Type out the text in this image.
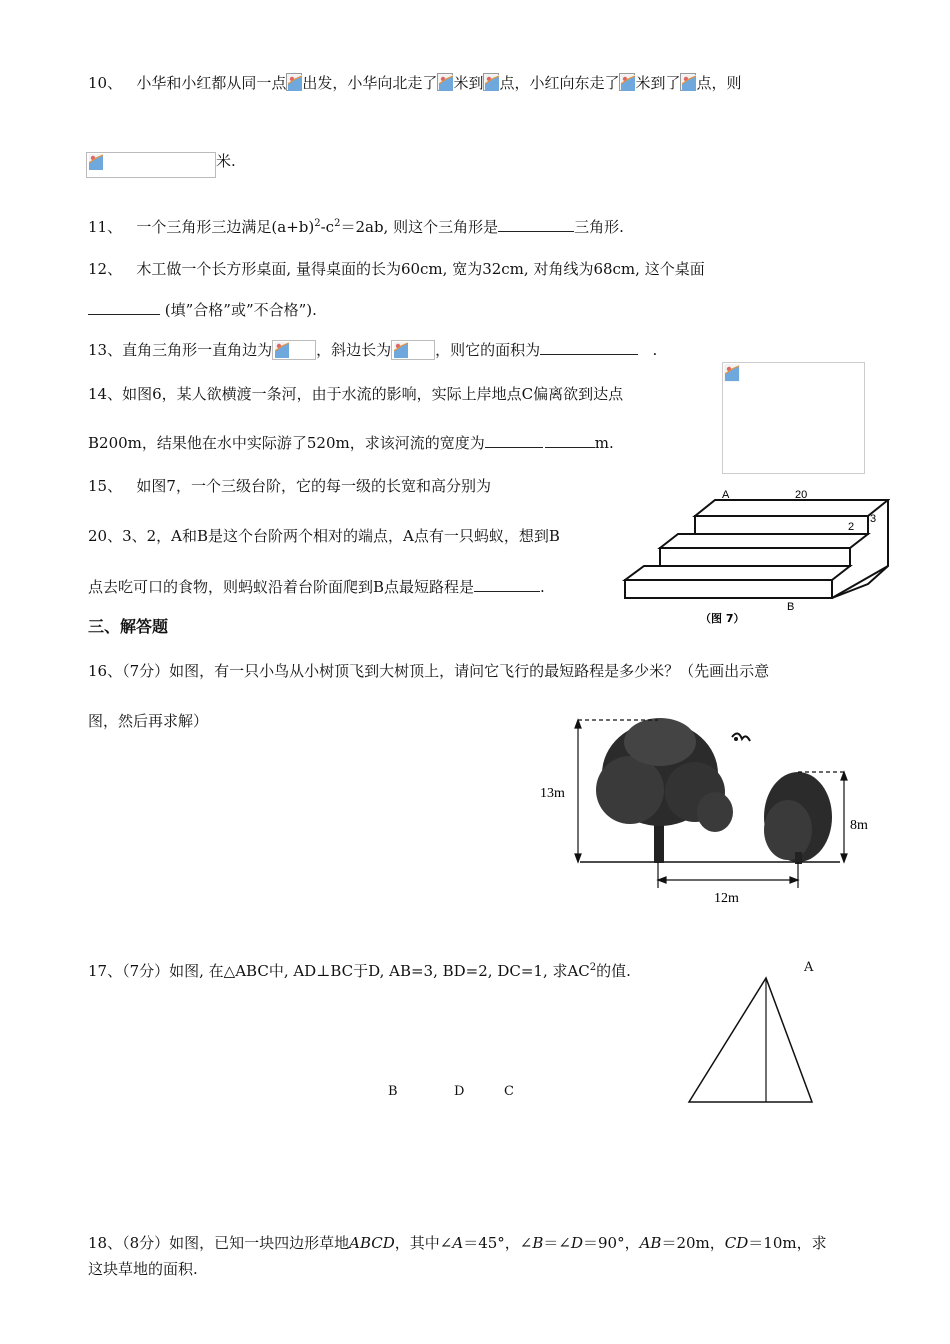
10、 小华和小红都从同一点 出发，小华向北走了 米到 点，小红向东走了 米到了 点，则
米.
11、 一个三角形三边满足$(a+b)^2-c^2=2ab$, 则这个三角形是	三角形.
12、 木工做一个长方形桌面, 量得桌面的长为60cm, 宽为32cm, 对角线为68cm, 这个桌面
(填”合格”或”不合格”).
13、直角三角形一直角边为	，斜边长为	，则它的面积为	.
14、如图6，某人欲横渡一条河，由于水流的影响，实际上岸地点C偏离欲到达点
B200m，结果他在水中实际游了520m，求该河流的宽度为	m.
15、 如图7，一个三级台阶，它的每一级的长宽和高分别为
20、3、2，A和B是这个台阶两个相对的端点，A点有一只蚂蚁，想到B
点去吃可口的食物，则蚂蚁沿着台阶面爬到B点最短路程是	.
A	20
2
3
B
（图 7）
三、解答题
16、（7分）如图，有一只小鸟从小树顶飞到大树顶上，请问它飞行的最短路程是多少米？（先画出示意
图，然后再求解）
13m
8m
12m
17、（7分）如图, 在△ABC中, AD⊥BC于D, AB=3, BD=2, DC=1, 求$AC^2$的值.	A
B	D	C
18、（8分）如图，已知一块四边形草地ABCD，其中∠A＝45°，∠B＝∠D＝90°，AB＝20m，CD＝10m，求
这块草地的面积.
